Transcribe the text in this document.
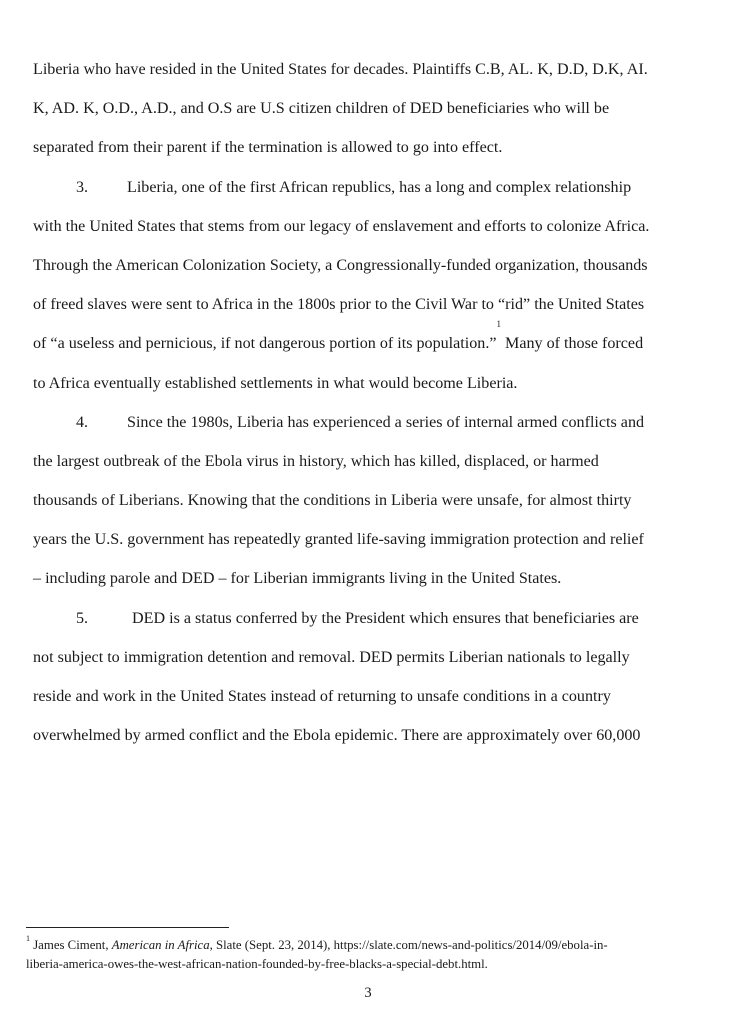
Liberia who have resided in the United States for decades. Plaintiffs C.B, AL. K, D.D, D.K, AI.
K, AD. K, O.D., A.D., and O.S are U.S citizen children of DED beneficiaries who will be
separated from their parent if the termination is allowed to go into effect.
3. Liberia, one of the first African republics, has a long and complex relationship
with the United States that stems from our legacy of enslavement and efforts to colonize Africa.
Through the American Colonization Society, a Congressionally-funded organization, thousands
of freed slaves were sent to Africa in the 1800s prior to the Civil War to “rid” the United States
of “a useless and pernicious, if not dangerous portion of its population.”$^1$ Many of those forced
to Africa eventually established settlements in what would become Liberia.
4. Since the 1980s, Liberia has experienced a series of internal armed conflicts and
the largest outbreak of the Ebola virus in history, which has killed, displaced, or harmed
thousands of Liberians. Knowing that the conditions in Liberia were unsafe, for almost thirty
years the U.S. government has repeatedly granted life-saving immigration protection and relief
– including parole and DED – for Liberian immigrants living in the United States.
5.	DED is a status conferred by the President which ensures that beneficiaries are
not subject to immigration detention and removal. DED permits Liberian nationals to legally
reside and work in the United States instead of returning to unsafe conditions in a country
overwhelmed by armed conflict and the Ebola epidemic. There are approximately over 60,000
$^1$ James Ciment, American in Africa, Slate (Sept. 23, 2014), https://slate.com/news-and-politics/2014/09/ebola-in-
liberia-america-owes-the-west-african-nation-founded-by-free-blacks-a-special-debt.html.
3
